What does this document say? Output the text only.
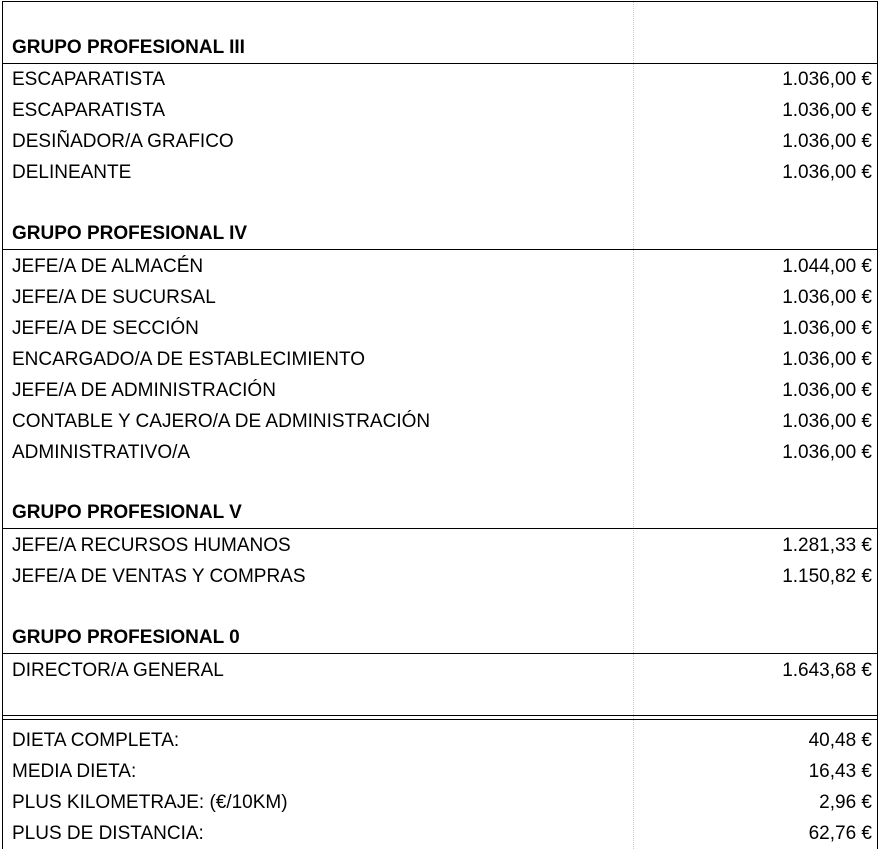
GRUPO PROFESIONAL III
ESCAPARATISTA	1.036,00 €
ESCAPARATISTA	1.036,00 €
DESIÑADOR/A GRAFICO	1.036,00 €
DELINEANTE	1.036,00 €
GRUPO PROFESIONAL IV
JEFE/A DE ALMACÉN	1.044,00 €
JEFE/A DE SUCURSAL	1.036,00 €
JEFE/A DE SECCIÓN	1.036,00 €
ENCARGADO/A DE ESTABLECIMIENTO	1.036,00 €
JEFE/A DE ADMINISTRACIÓN	1.036,00 €
CONTABLE Y CAJERO/A DE ADMINISTRACIÓN	1.036,00 €
ADMINISTRATIVO/A	1.036,00 €
GRUPO PROFESIONAL V
JEFE/A RECURSOS HUMANOS	1.281,33 €
JEFE/A DE VENTAS Y COMPRAS	1.150,82 €
GRUPO PROFESIONAL 0
DIRECTOR/A GENERAL	1.643,68 €
DIETA COMPLETA:	40,48 €
MEDIA DIETA:	16,43 €
PLUS KILOMETRAJE: (€/10KM)	2,96 €
PLUS DE DISTANCIA:	62,76 €
